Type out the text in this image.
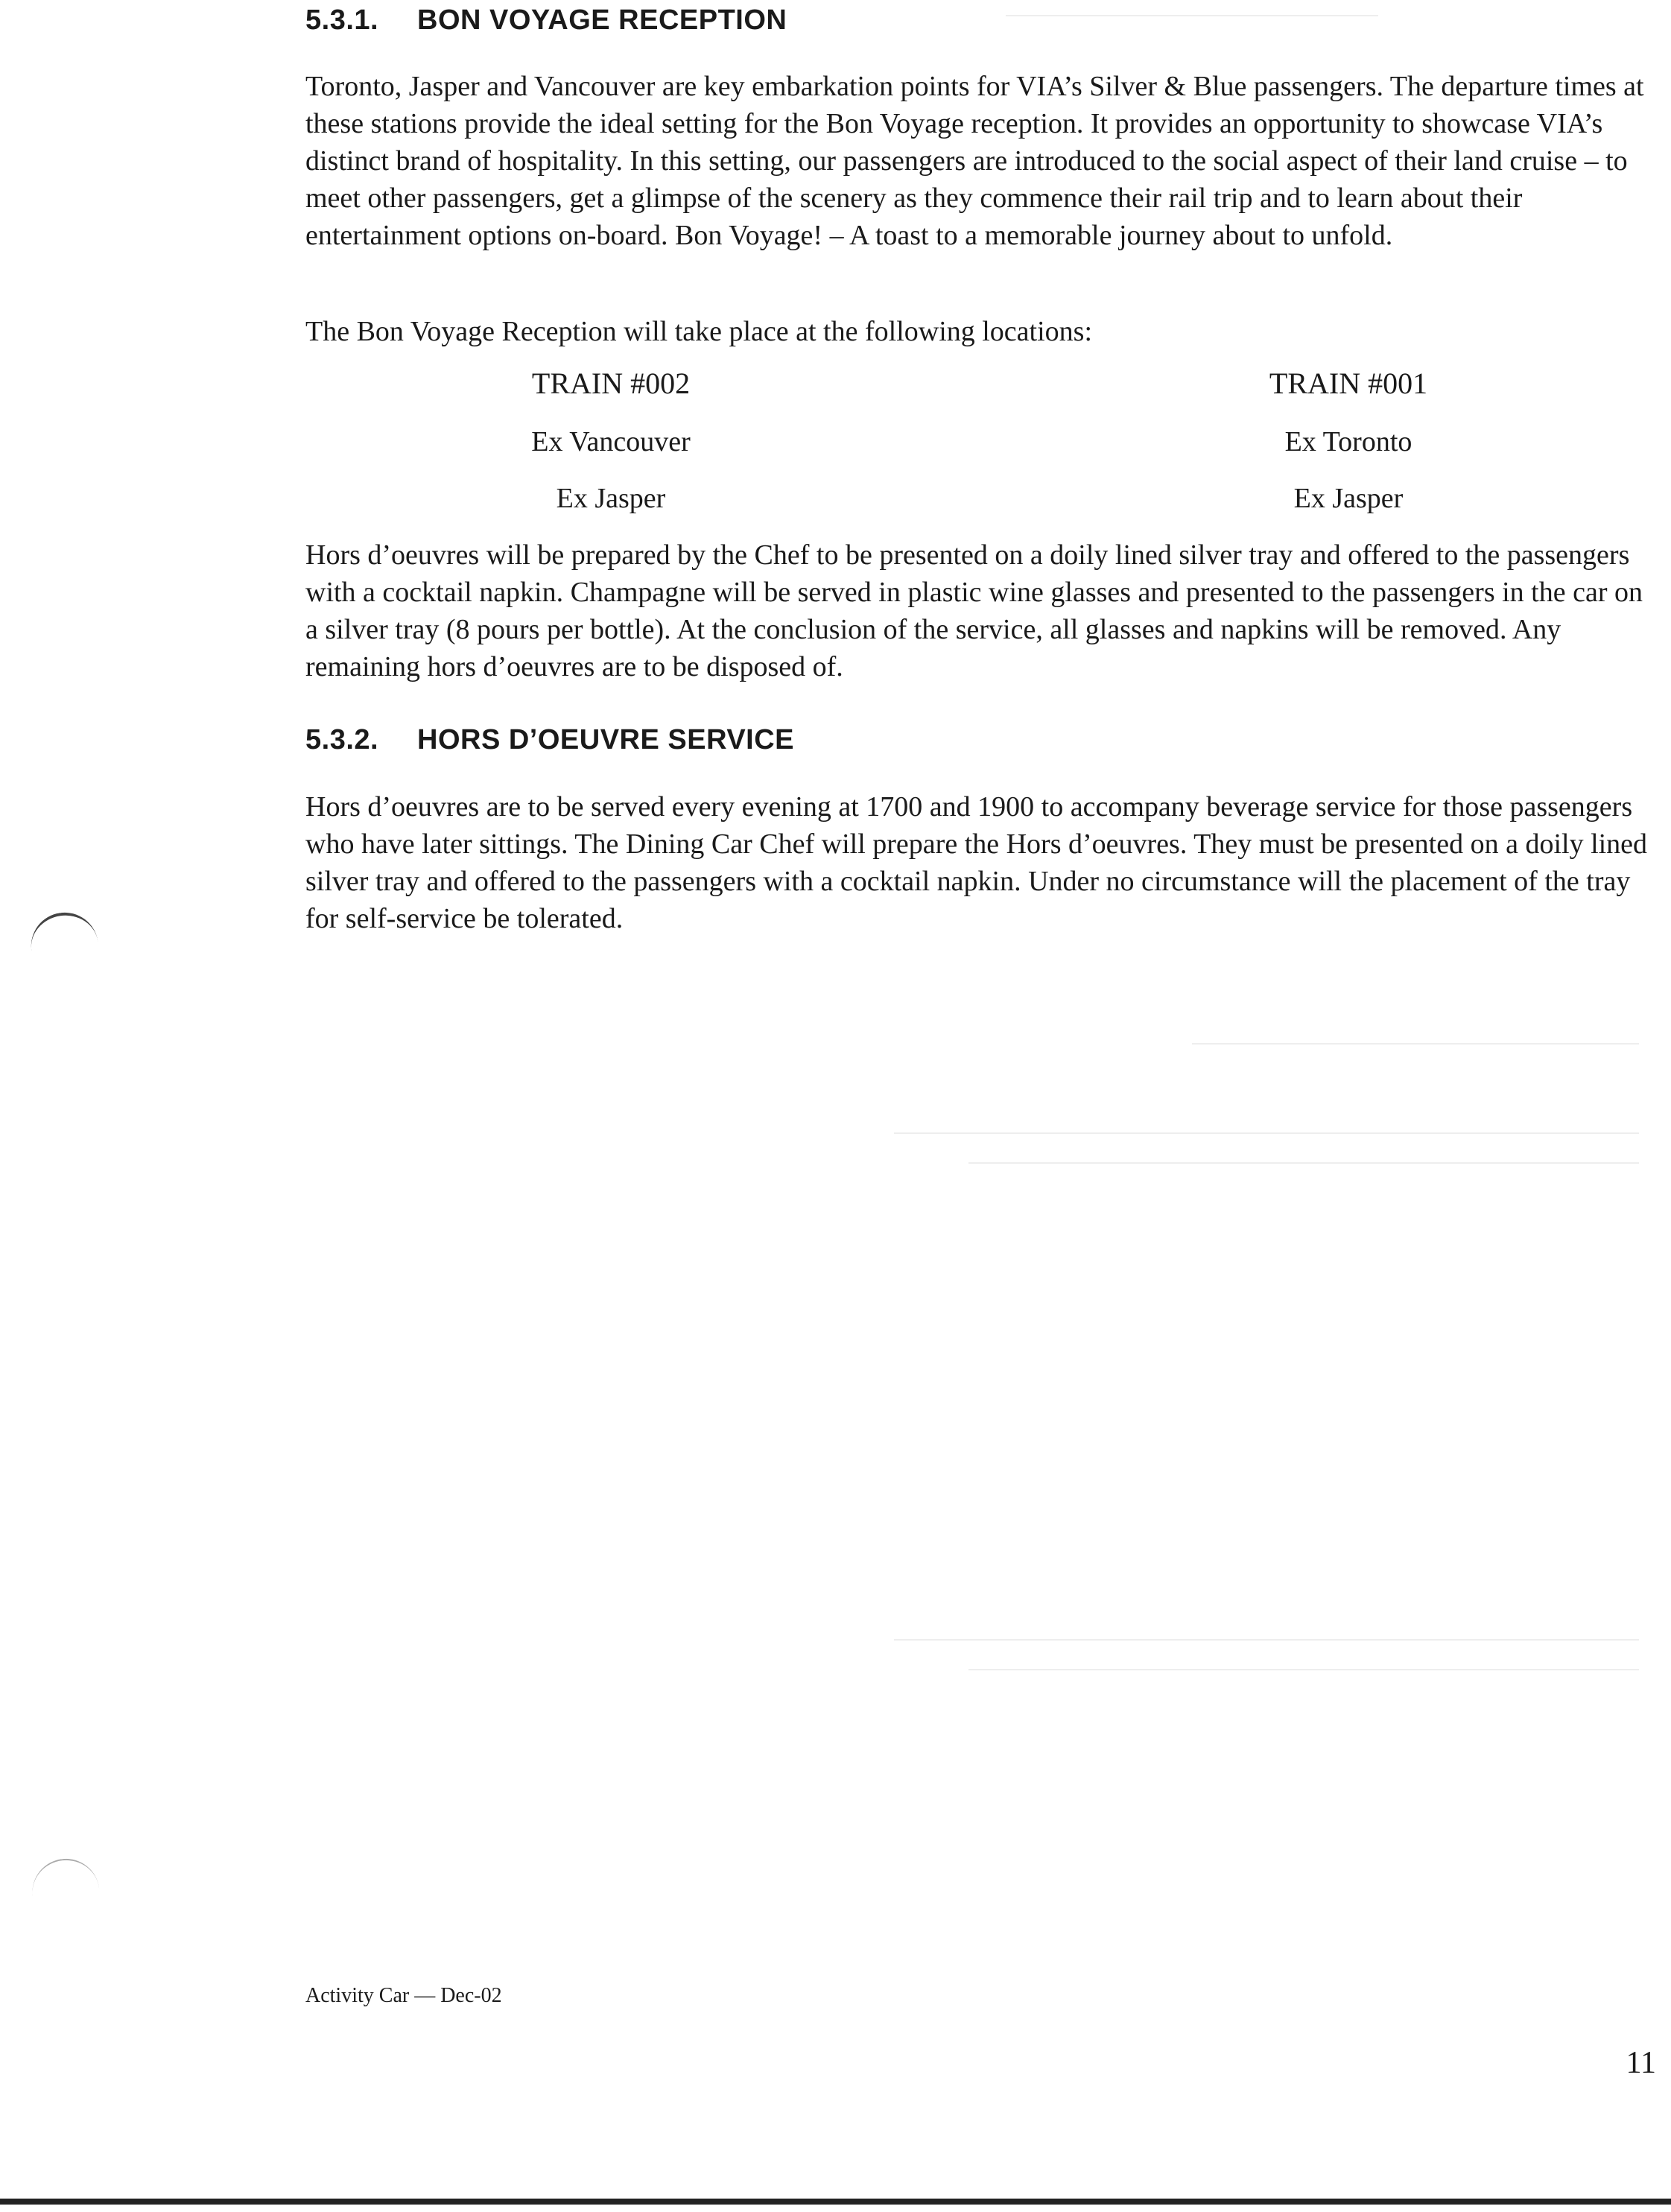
5.3.1. BON VOYAGE RECEPTION

Toronto, Jasper and Vancouver are key embarkation points for VIA’s Silver & Blue passengers. The departure times at these stations provide the ideal setting for the Bon Voyage reception. It provides an opportunity to showcase VIA’s distinct brand of hospitality. In this setting, our passengers are introduced to the social aspect of their land cruise – to meet other passengers, get a glimpse of the scenery as they commence their rail trip and to learn about their entertainment options on-board. Bon Voyage! – A toast to a memorable journey about to unfold.

The Bon Voyage Reception will take place at the following locations:

TRAIN #002
Ex Vancouver
Ex Jasper
TRAIN #001
Ex Toronto
Ex Jasper

Hors d’oeuvres will be prepared by the Chef to be presented on a doily lined silver tray and offered to the passengers with a cocktail napkin. Champagne will be served in plastic wine glasses and presented to the passengers in the car on a silver tray (8 pours per bottle). At the conclusion of the service, all glasses and napkins will be removed. Any remaining hors d’oeuvres are to be disposed of.

5.3.2. HORS D’OEUVRE SERVICE

Hors d’oeuvres are to be served every evening at 1700 and 1900 to accompany beverage service for those passengers who have later sittings. The Dining Car Chef will prepare the Hors d’oeuvres. They must be presented on a doily lined silver tray and offered to the passengers with a cocktail napkin. Under no circumstance will the placement of the tray for self-service be tolerated.

Activity Car — Dec-02
11
